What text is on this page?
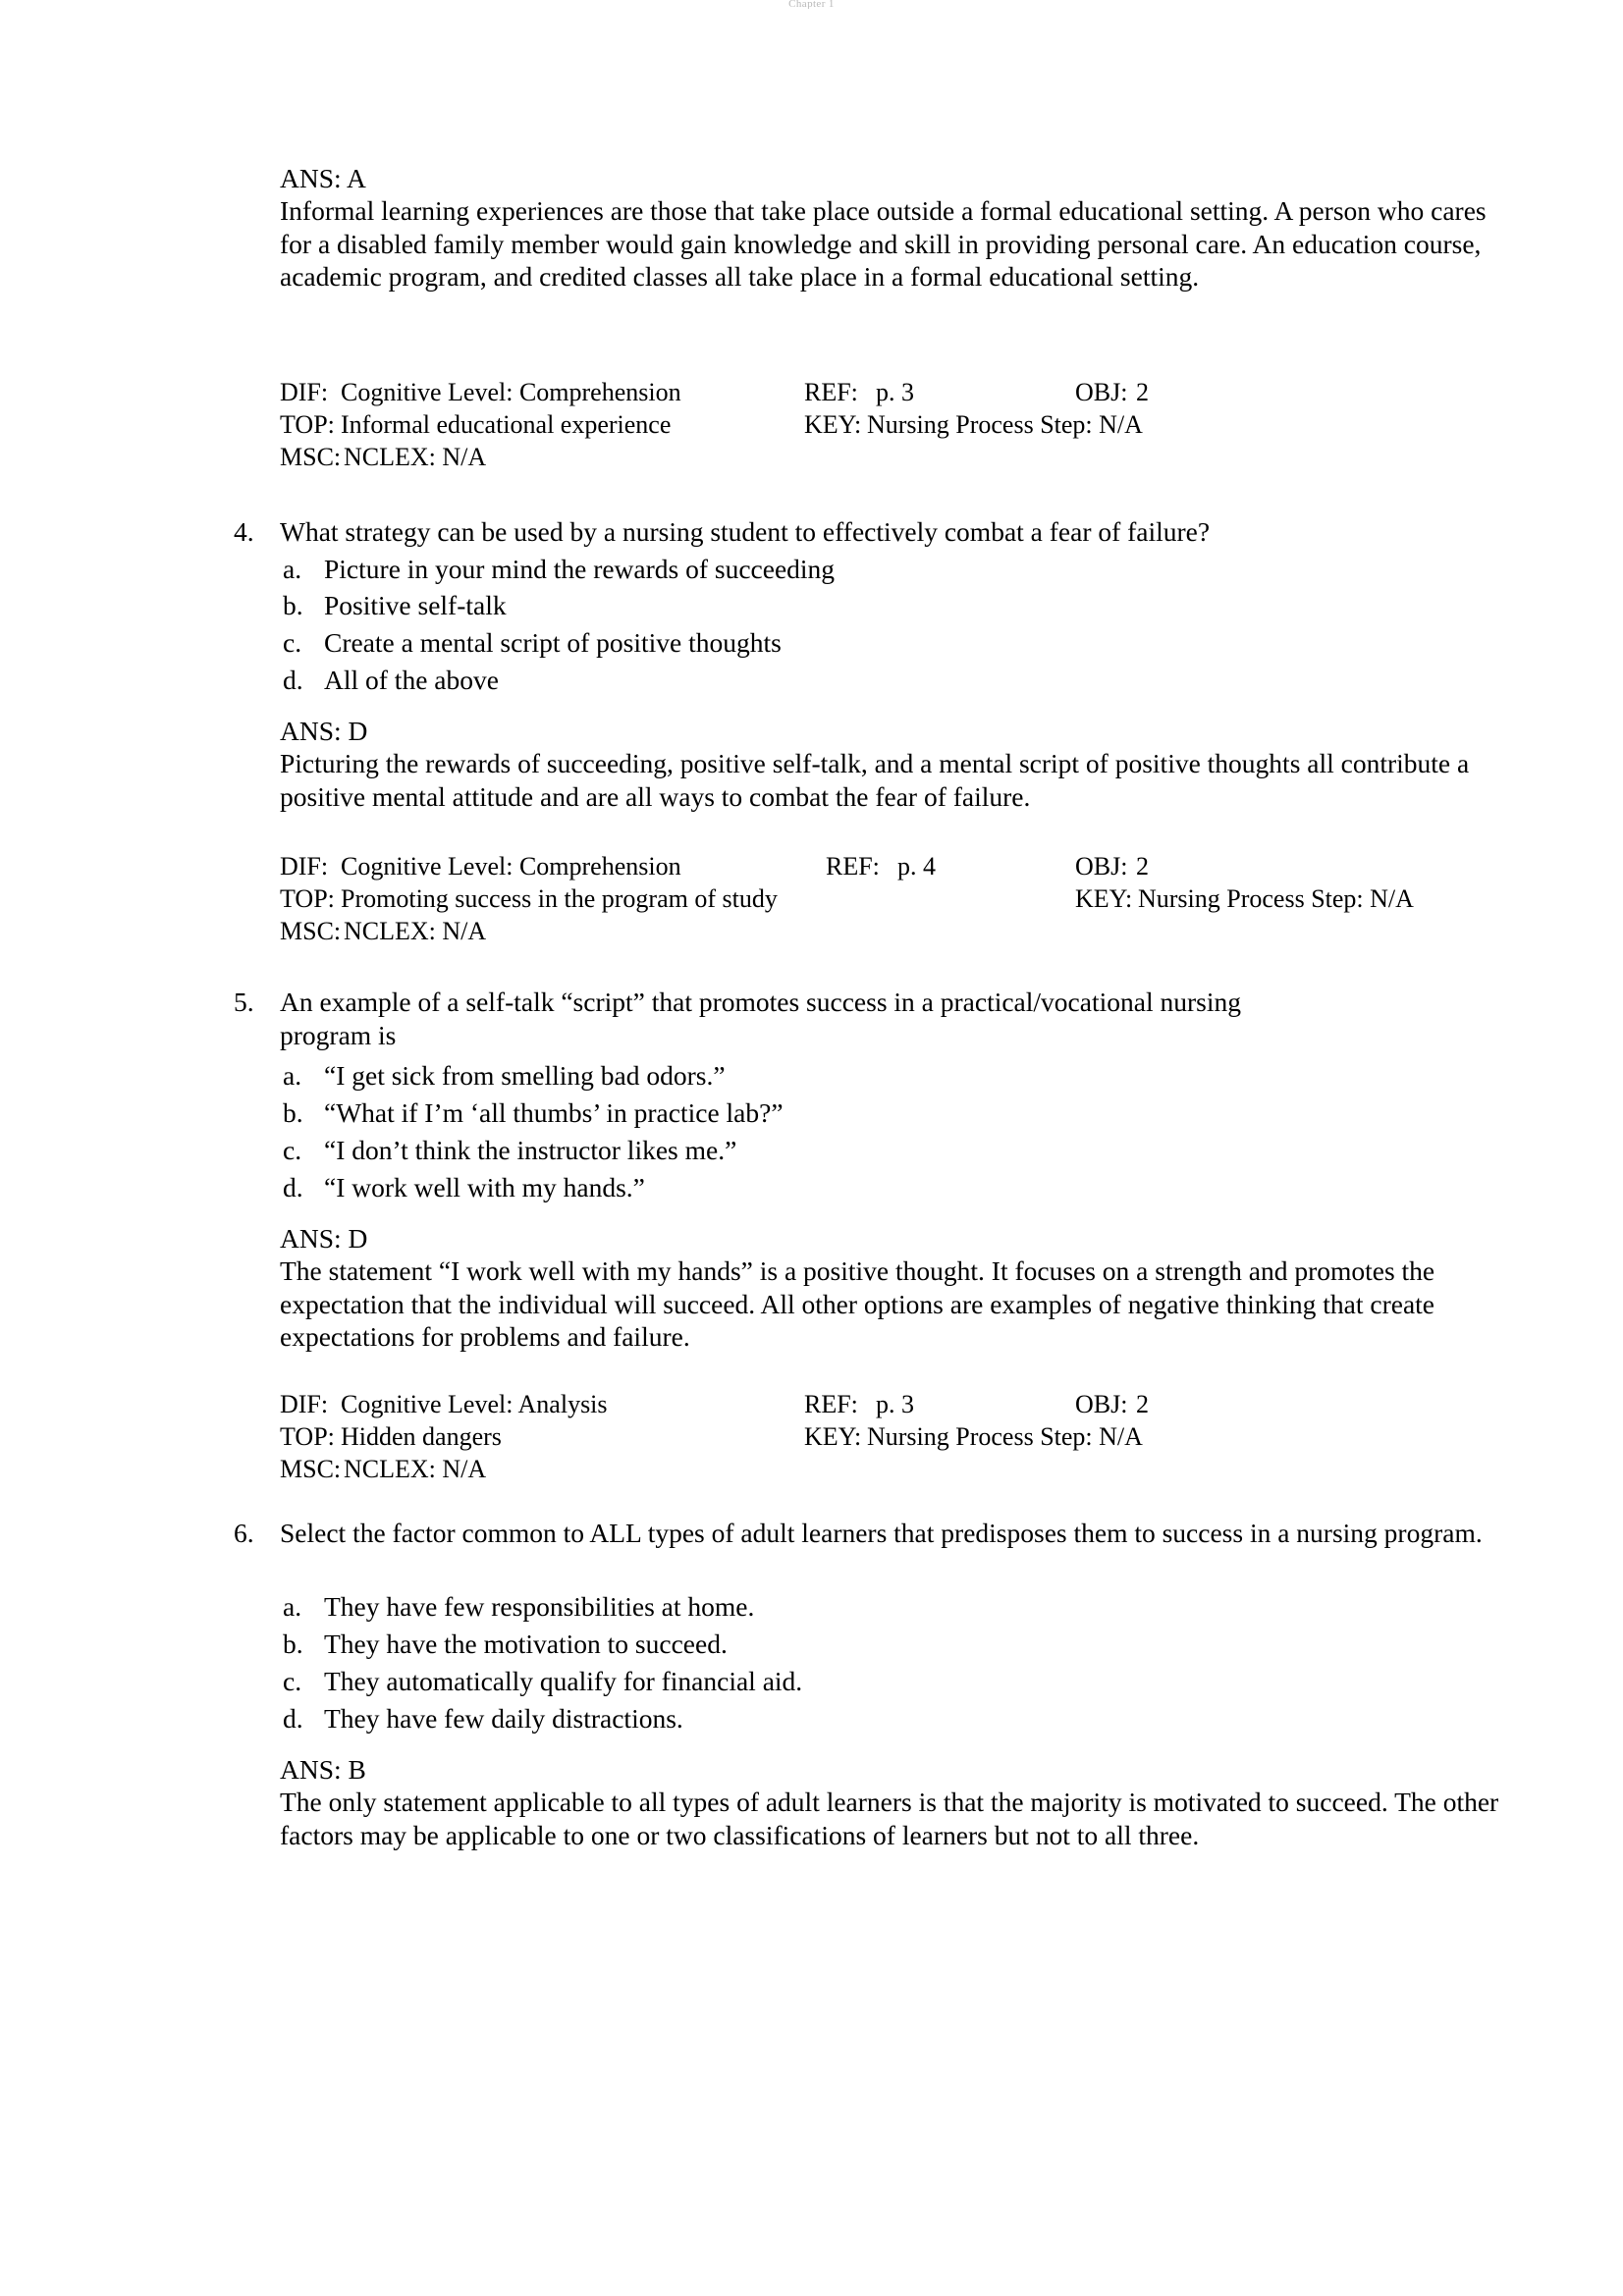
Chapter 1
ANS: A
Informal learning experiences are those that take place outside a formal educational setting. A person who cares for a disabled family member would gain knowledge and skill in providing personal care. An education course, academic program, and credited classes all take place in a formal educational setting.
DIF: Cognitive Level: Comprehension	REF: p. 3	OBJ: 2
TOP: Informal educational experience	KEY: Nursing Process Step: N/A
MSC: NCLEX: N/A
4. What strategy can be used by a nursing student to effectively combat a fear of failure?
a. Picture in your mind the rewards of succeeding
b. Positive self-talk
c. Create a mental script of positive thoughts
d. All of the above
ANS: D
Picturing the rewards of succeeding, positive self-talk, and a mental script of positive thoughts all contribute a positive mental attitude and are all ways to combat the fear of failure.
DIF: Cognitive Level: Comprehension	REF: p. 4	OBJ: 2
TOP: Promoting success in the program of study	KEY: Nursing Process Step: N/A
MSC: NCLEX: N/A
5. An example of a self-talk “script” that promotes success in a practical/vocational nursing program is
a. “I get sick from smelling bad odors.”
b. “What if I’m ‘all thumbs’ in practice lab?”
c. “I don’t think the instructor likes me.”
d. “I work well with my hands.”
ANS: D
The statement “I work well with my hands” is a positive thought. It focuses on a strength and promotes the expectation that the individual will succeed. All other options are examples of negative thinking that create expectations for problems and failure.
DIF: Cognitive Level: Analysis	REF: p. 3	OBJ: 2
TOP: Hidden dangers	KEY: Nursing Process Step: N/A
MSC: NCLEX: N/A
6. Select the factor common to ALL types of adult learners that predisposes them to success in a nursing program.
a. They have few responsibilities at home.
b. They have the motivation to succeed.
c. They automatically qualify for financial aid.
d. They have few daily distractions.
ANS: B
The only statement applicable to all types of adult learners is that the majority is motivated to succeed. The other factors may be applicable to one or two classifications of learners but not to all three.
